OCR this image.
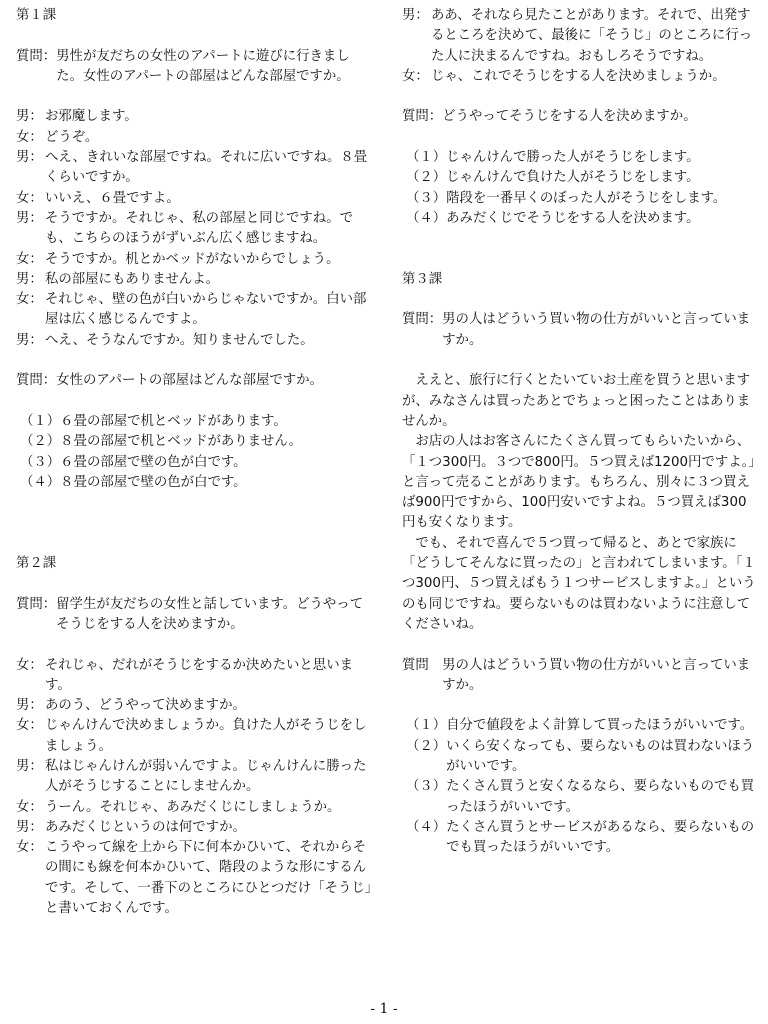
第１課
質問： 男性が友だちの女性のアパートに遊びに行きました。女性のアパートの部屋はどんな部屋ですか。
男： お邪魔します。
女： どうぞ。
男： へえ、きれいな部屋ですね。それに広いですね。８畳くらいですか。
女： いいえ、６畳ですよ。
男： そうですか。それじゃ、私の部屋と同じですね。でも、こちらのほうがずいぶん広く感じますね。
女： そうですか。机とかベッドがないからでしょう。
男： 私の部屋にもありませんよ。
女： それじゃ、壁の色が白いからじゃないですか。白い部屋は広く感じるんですよ。
男： へえ、そうなんですか。知りませんでした。
質問： 女性のアパートの部屋はどんな部屋ですか。
（１） ６畳の部屋で机とベッドがあります。
（２） ８畳の部屋で机とベッドがありません。
（３） ６畳の部屋で壁の色が白です。
（４） ８畳の部屋で壁の色が白です。
第２課
質問： 留学生が友だちの女性と話しています。どうやってそうじをする人を決めますか。
女： それじゃ、だれがそうじをするか決めたいと思います。
男： あのう、どうやって決めますか。
女： じゃんけんで決めましょうか。負けた人がそうじをしましょう。
男： 私はじゃんけんが弱いんですよ。じゃんけんに勝った人がそうじすることにしませんか。
女： うーん。それじゃ、あみだくじにしましょうか。
男： あみだくじというのは何ですか。
女： こうやって線を上から下に何本かひいて、それからその間にも線を何本かひいて、階段のような形にするんです。そして、一番下のところにひとつだけ「そうじ」と書いておくんです。
男： ああ、それなら見たことがあります。それで、出発するところを決めて、最後に「そうじ」のところに行った人に決まるんですね。おもしろそうですね。
女： じゃ、これでそうじをする人を決めましょうか。
質問： どうやってそうじをする人を決めますか。
（１） じゃんけんで勝った人がそうじをします。
（２） じゃんけんで負けた人がそうじをします。
（３） 階段を一番早くのぼった人がそうじをします。
（４） あみだくじでそうじをする人を決めます。
第３課
質問： 男の人はどういう買い物の仕方がいいと言っていますか。
ええと、旅行に行くとたいていお土産を買うと思いますが、みなさんは買ったあとでちょっと困ったことはありませんか。
お店の人はお客さんにたくさん買ってもらいたいから、「１つ300円。３つで800円。５つ買えば1200円ですよ。」と言って売ることがあります。もちろん、別々に３つ買えば900円ですから、100円安いですよね。５つ買えば300円も安くなります。
でも、それで喜んで５つ買って帰ると、あとで家族に「どうしてそんなに買ったの」と言われてしまいます。「１つ300円、５つ買えばもう１つサービスしますよ。」というのも同じですね。要らないものは買わないように注意してくださいね。
質問　 男の人はどういう買い物の仕方がいいと言っていますか。
（１） 自分で値段をよく計算して買ったほうがいいです。
（２） いくら安くなっても、要らないものは買わないほうがいいです。
（３） たくさん買うと安くなるなら、要らないものでも買ったほうがいいです。
（４） たくさん買うとサービスがあるなら、要らないものでも買ったほうがいいです。
- 1 -
